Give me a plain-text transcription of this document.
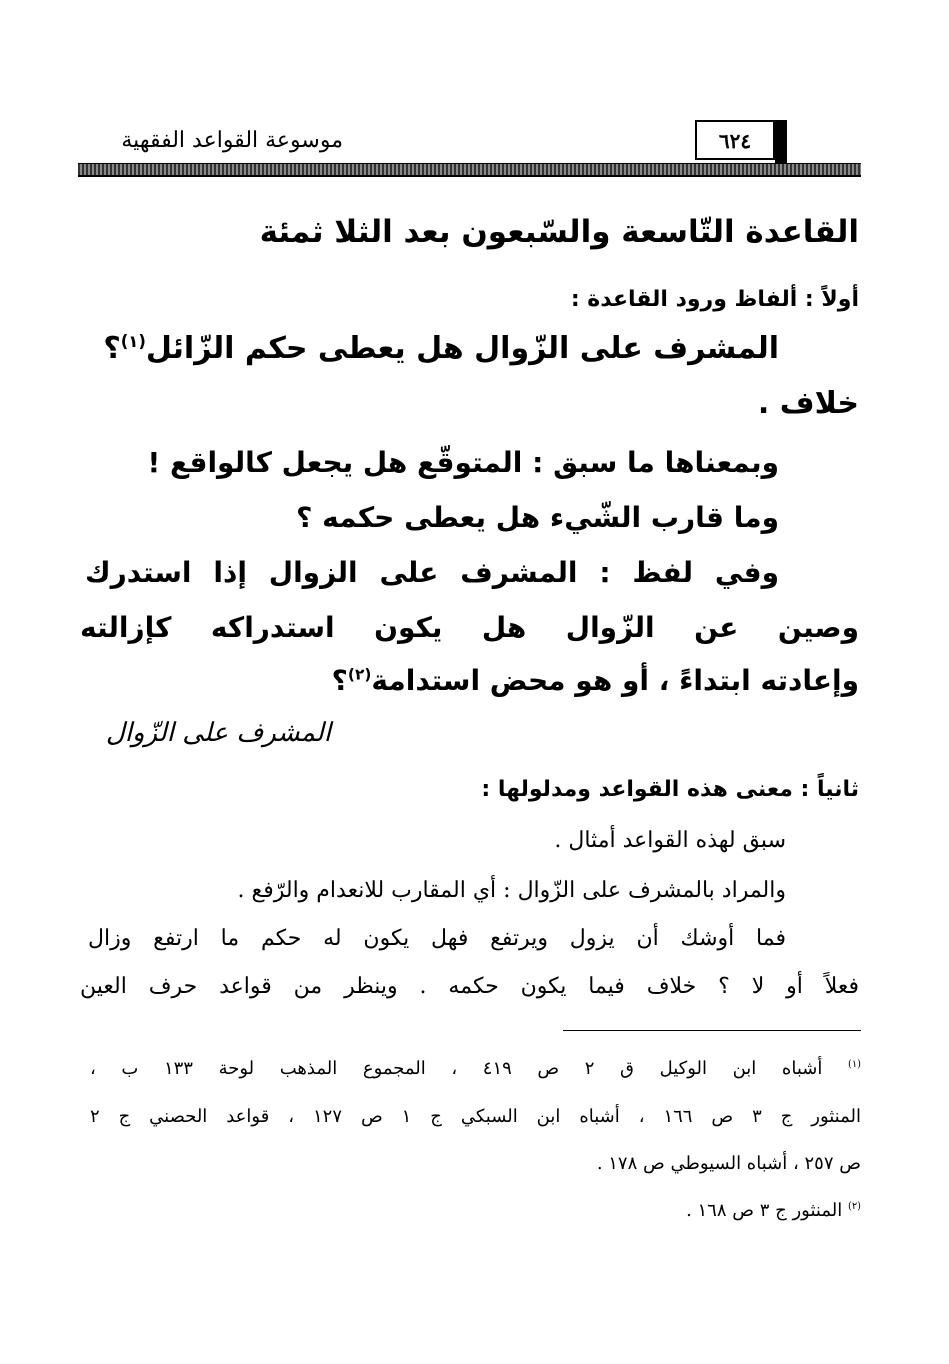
موسوعة القواعد الفقهية	٦٢٤
القاعدة التّاسعة والسّبعون بعد الثلا ثمئة
أولاً : ألفاظ ورود القاعدة :
المشرف على الزّوال هل يعطى حكم الزّائل$^{(١)}$؟
خلاف .
وبمعناها ما سبق : المتوقّع هل يجعل كالواقع !
وما قارب الشّيء هل يعطى حكمه ؟
وفي لفظ : المشرف على الزوال إذا استدرك
وصين عن الزّوال هل يكون استدراكه كإزالته
وإعادته ابتداءً ، أو هو محض استدامة$^{(٢)}$؟
المشرف على الزّوال
ثانياً : معنى هذه القواعد ومدلولها :
سبق لهذه القواعد أمثال .
والمراد بالمشرف على الزّوال : أي المقارب للانعدام والرّفع .
فما أوشك أن يزول ويرتفع فهل يكون له حكم ما ارتفع وزال
فعلاً أو لا ؟ خلاف فيما يكون حكمه . وينظر من قواعد حرف العين
$^{(١)}$ أشباه ابن الوكيل ق ٢ ص ٤١٩ ، المجموع المذهب لوحة ١٣٣ ب ،
المنثور ج ٣ ص ١٦٦ ، أشباه ابن السبكي ج ١ ص ١٢٧ ، قواعد الحصني ج ٢
ص ٢٥٧ ، أشباه السيوطي ص ١٧٨ .
$^{(٢)}$ المنثور ج ٣ ص ١٦٨ .
